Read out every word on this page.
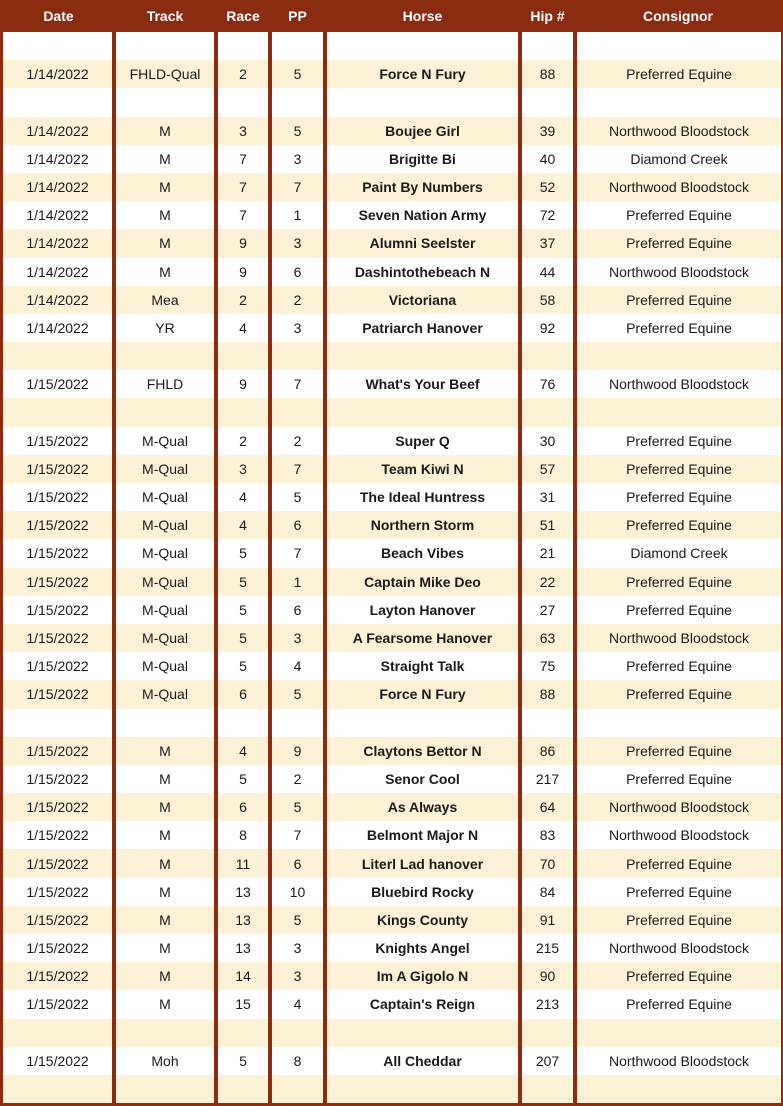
Date	Track	Race	PP	Horse	Hip #	Consignor

1/14/2022	FHLD-Qual	2	5	Force N Fury	88	Preferred Equine

1/14/2022	M	3	5	Boujee Girl	39	Northwood Bloodstock
1/14/2022	M	7	3	Brigitte Bi	40	Diamond Creek
1/14/2022	M	7	7	Paint By Numbers	52	Northwood Bloodstock
1/14/2022	M	7	1	Seven Nation Army	72	Preferred Equine
1/14/2022	M	9	3	Alumni Seelster	37	Preferred Equine
1/14/2022	M	9	6	Dashintothebeach N	44	Northwood Bloodstock
1/14/2022	Mea	2	2	Victoriana	58	Preferred Equine
1/14/2022	YR	4	3	Patriarch Hanover	92	Preferred Equine

1/15/2022	FHLD	9	7	What's Your Beef	76	Northwood Bloodstock

1/15/2022	M-Qual	2	2	Super Q	30	Preferred Equine
1/15/2022	M-Qual	3	7	Team Kiwi N	57	Preferred Equine
1/15/2022	M-Qual	4	5	The Ideal Huntress	31	Preferred Equine
1/15/2022	M-Qual	4	6	Northern Storm	51	Preferred Equine
1/15/2022	M-Qual	5	7	Beach Vibes	21	Diamond Creek
1/15/2022	M-Qual	5	1	Captain Mike Deo	22	Preferred Equine
1/15/2022	M-Qual	5	6	Layton Hanover	27	Preferred Equine
1/15/2022	M-Qual	5	3	A Fearsome Hanover	63	Northwood Bloodstock
1/15/2022	M-Qual	5	4	Straight Talk	75	Preferred Equine
1/15/2022	M-Qual	6	5	Force N Fury	88	Preferred Equine

1/15/2022	M	4	9	Claytons Bettor N	86	Preferred Equine
1/15/2022	M	5	2	Senor Cool	217	Preferred Equine
1/15/2022	M	6	5	As Always	64	Northwood Bloodstock
1/15/2022	M	8	7	Belmont Major N	83	Northwood Bloodstock
1/15/2022	M	11	6	Literl Lad hanover	70	Preferred Equine
1/15/2022	M	13	10	Bluebird Rocky	84	Preferred Equine
1/15/2022	M	13	5	Kings County	91	Preferred Equine
1/15/2022	M	13	3	Knights Angel	215	Northwood Bloodstock
1/15/2022	M	14	3	Im A Gigolo N	90	Preferred Equine
1/15/2022	M	15	4	Captain's Reign	213	Preferred Equine

1/15/2022	Moh	5	8	All Cheddar	207	Northwood Bloodstock
